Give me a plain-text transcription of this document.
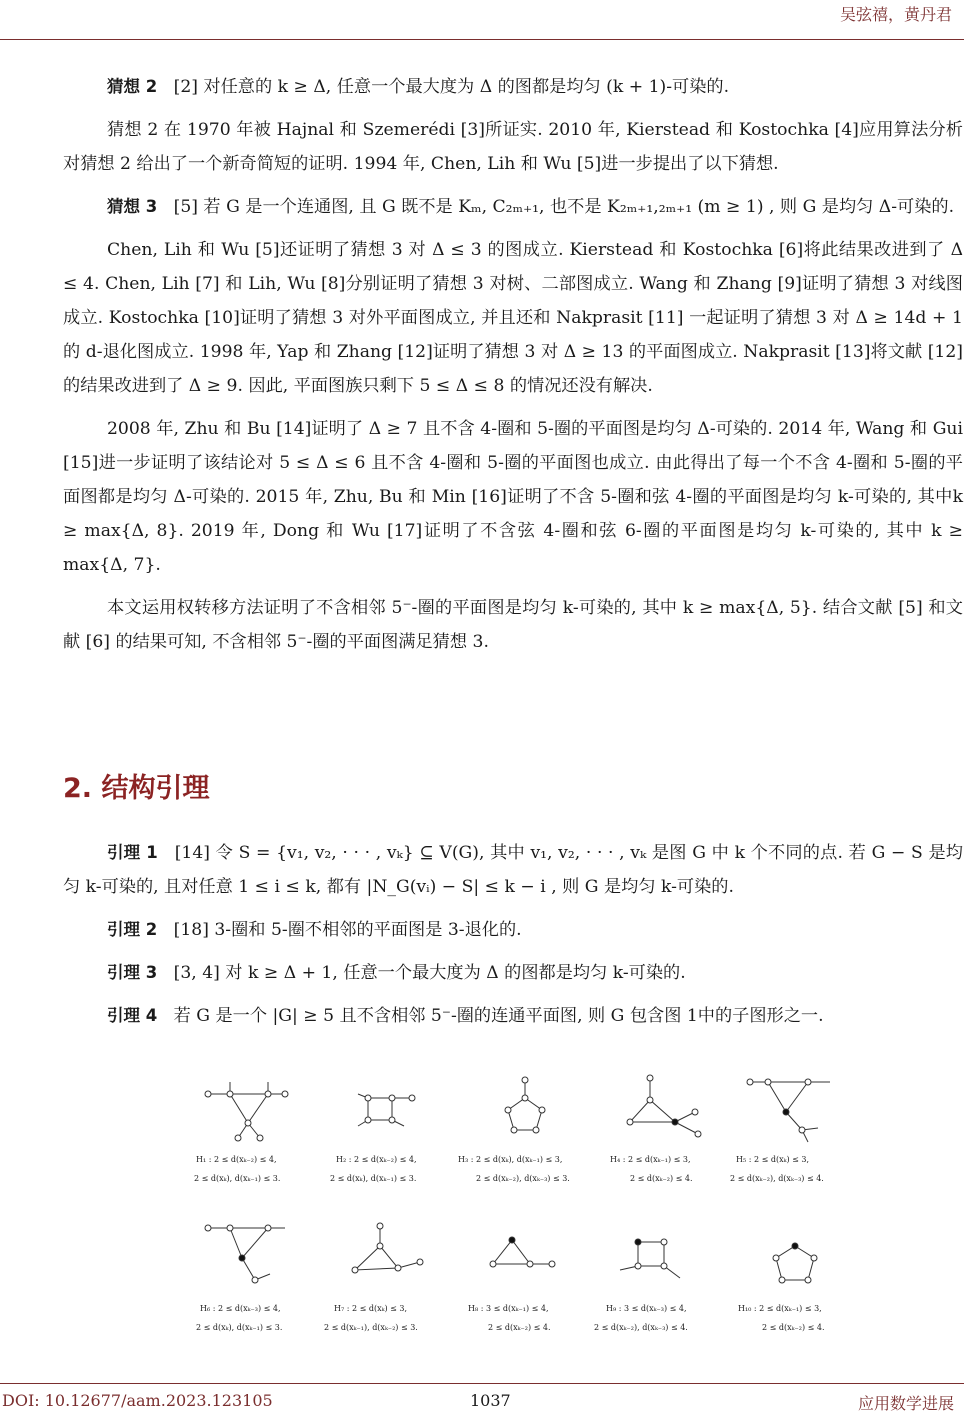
吴弦禧，黄丹君

猜想 2 [2] 对任意的 k ≥ Δ, 任意一个最大度为 Δ 的图都是均匀 (k + 1)-可染的.

猜想 2 在 1970 年被 Hajnal 和 Szemerédi [3]所证实. 2010 年, Kierstead 和 Kostochka [4]应用算法分析对猜想 2 给出了一个新奇简短的证明. 1994 年, Chen, Lih 和 Wu [5]进一步提出了以下猜想.

猜想 3 [5] 若 G 是一个连通图, 且 G 既不是 Kₘ, C₂ₘ₊₁, 也不是 K₂ₘ₊₁,₂ₘ₊₁ (m ≥ 1) , 则 G 是均匀 Δ-可染的.

Chen, Lih 和 Wu [5]还证明了猜想 3 对 Δ ≤ 3 的图成立. Kierstead 和 Kostochka [6]将此结果改进到了 Δ ≤ 4. Chen, Lih [7] 和 Lih, Wu [8]分别证明了猜想 3 对树、二部图成立. Wang 和 Zhang [9]证明了猜想 3 对线图成立. Kostochka [10]证明了猜想 3 对外平面图成立, 并且还和 Nakprasit [11] 一起证明了猜想 3 对 Δ ≥ 14d + 1 的 d-退化图成立. 1998 年, Yap 和 Zhang [12]证明了猜想 3 对 Δ ≥ 13 的平面图成立. Nakprasit [13]将文献 [12]的结果改进到了 Δ ≥ 9. 因此, 平面图族只剩下 5 ≤ Δ ≤ 8 的情况还没有解决.

2008 年, Zhu 和 Bu [14]证明了 Δ ≥ 7 且不含 4-圈和 5-圈的平面图是均匀 Δ-可染的. 2014 年, Wang 和 Gui [15]进一步证明了该结论对 5 ≤ Δ ≤ 6 且不含 4-圈和 5-圈的平面图也成立. 由此得出了每一个不含 4-圈和 5-圈的平面图都是均匀 Δ-可染的. 2015 年, Zhu, Bu 和 Min [16]证明了不含 5-圈和弦 4-圈的平面图是均匀 k-可染的, 其中k ≥ max{Δ, 8}. 2019 年, Dong 和 Wu [17]证明了不含弦 4-圈和弦 6-圈的平面图是均匀 k-可染的, 其中 k ≥ max{Δ, 7}.

本文运用权转移方法证明了不含相邻 5⁻-圈的平面图是均匀 k-可染的, 其中 k ≥ max{Δ, 5}. 结合文献 [5] 和文献 [6] 的结果可知, 不含相邻 5⁻-圈的平面图满足猜想 3.

2. 结构引理

引理 1 [14] 令 S = {v₁, v₂, · · · , vₖ} ⊆ V(G), 其中 v₁, v₂, · · · , vₖ 是图 G 中 k 个不同的点. 若 G − S 是均匀 k-可染的, 且对任意 1 ≤ i ≤ k, 都有 |N_G(vᵢ) − S| ≤ k − i , 则 G 是均匀 k-可染的.

引理 2 [18] 3-圈和 5-圈不相邻的平面图是 3-退化的.

引理 3 [3, 4] 对 k ≥ Δ + 1, 任意一个最大度为 Δ 的图都是均匀 k-可染的.

引理 4 若 G 是一个 |G| ≥ 5 且不含相邻 5⁻-圈的连通平面图, 则 G 包含图 1中的子图形之一.

H₁ : 2 ≤ d(xₖ₋₂) ≤ 4,
2 ≤ d(xₖ), d(xₖ₋₁) ≤ 3.
H₂ : 2 ≤ d(xₖ₋₂) ≤ 4,
2 ≤ d(xₖ), d(xₖ₋₁) ≤ 3.
H₃ : 2 ≤ d(xₖ), d(xₖ₋₁) ≤ 3,
2 ≤ d(xₖ₋₂), d(xₖ₋₃) ≤ 3.
H₄ : 2 ≤ d(xₖ₋₁) ≤ 3,
2 ≤ d(xₖ₋₂) ≤ 4.
H₅ : 2 ≤ d(xₖ) ≤ 3,
2 ≤ d(xₖ₋₂), d(xₖ₋₃) ≤ 4.
H₆ : 2 ≤ d(xₖ₋₃) ≤ 4,
2 ≤ d(xₖ), d(xₖ₋₁) ≤ 3.
H₇ : 2 ≤ d(xₖ) ≤ 3,
2 ≤ d(xₖ₋₁), d(xₖ₋₂) ≤ 3.
H₈ : 3 ≤ d(xₖ₋₁) ≤ 4,
2 ≤ d(xₖ₋₂) ≤ 4.
H₉ : 3 ≤ d(xₖ₋₃) ≤ 4,
2 ≤ d(xₖ₋₂), d(xₖ₋₃) ≤ 4.
H₁₀ : 2 ≤ d(xₖ₋₁) ≤ 3,
2 ≤ d(xₖ₋₂) ≤ 4.
DOI: 10.12677/aam.2023.123105	1037	应用数学进展
